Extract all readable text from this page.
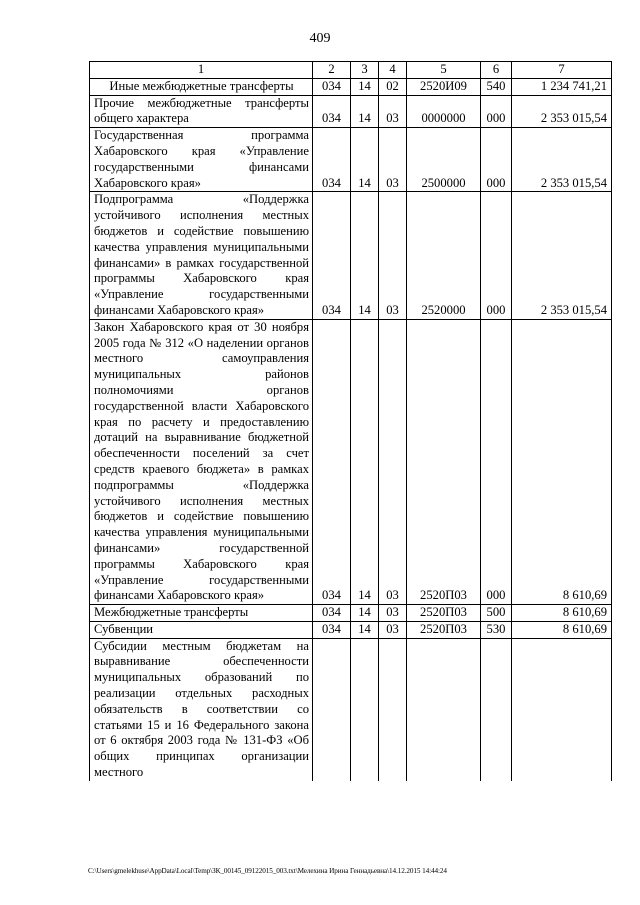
409
1	2	3	4	5	6	7
Иные межбюджетные трансферты	034	14	02	2520И09	540	1 234 741,21
Прочие межбюджетные трансферты общего характера	034	14	03	0000000	000	2 353 015,54
Государственная программа Хабаровского края «Управление государственными финансами Хабаровского края»	034	14	03	2500000	000	2 353 015,54
Подпрограмма «Поддержка устойчивого исполнения местных бюджетов и содействие повышению качества управления муниципальными финансами» в рамках государственной программы Хабаровского края «Управление государственными финансами Хабаровского края»	034	14	03	2520000	000	2 353 015,54
Закон Хабаровского края от 30 ноября 2005 года № 312 «О наделении органов местного самоуправления муниципальных районов полномочиями органов государственной власти Хабаровского края по расчету и предоставлению дотаций на выравнивание бюджетной обеспеченности поселений за счет средств краевого бюджета» в рамках подпрограммы «Поддержка устойчивого исполнения местных бюджетов и содействие повышению качества управления муниципальными финансами» государственной программы Хабаровского края «Управление государственными финансами Хабаровского края»	034	14	03	2520П03	000	8 610,69
Межбюджетные трансферты	034	14	03	2520П03	500	8 610,69
Субвенции	034	14	03	2520П03	530	8 610,69
Субсидии местным бюджетам на выравнивание обеспеченности муниципальных образований по реализации отдельных расходных обязательств в соответствии со статьями 15 и 16 Федерального закона от 6 октября 2003 года № 131-ФЗ «Об общих принципах организации местного						
C:\Users\gmelekhuse\AppData\Local\Temp\ЗК_00145_09122015_003.txt\Мелехина Ирина Геннадьевна\14.12.2015 14:44:24
